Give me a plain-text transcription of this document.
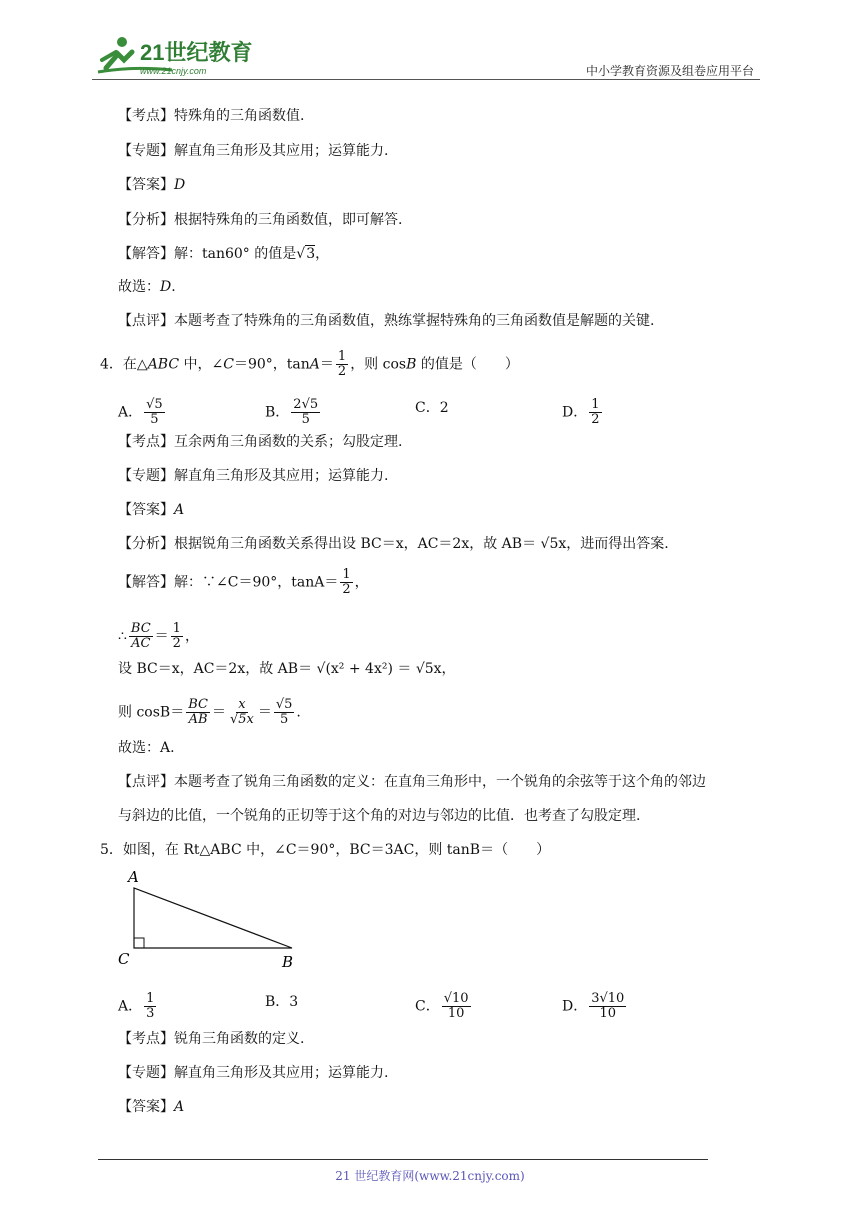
21世纪教育
www.21cnjy.com	中小学教育资源及组卷应用平台
【考点】特殊角的三角函数值.
【专题】解直角三角形及其应用；运算能力.
【答案】D
【分析】根据特殊角的三角函数值，即可解答.
【解答】解：tan60° 的值是√3，
故选：D.
【点评】本题考查了特殊角的三角函数值，熟练掌握特殊角的三角函数值是解题的关键.
4．在△ABC 中，∠C＝90°，$\tan A= \frac{1}{2}$ ，则 cosB 的值是（　　）
A． $\frac{√5}{5}$	B． $\frac{2√5}{5}$	C．2	D． $\frac{1}{2}$
【考点】互余两角三角函数的关系；勾股定理.
【专题】解直角三角形及其应用；运算能力.
【答案】A
【分析】根据锐角三角函数关系得出设 BC＝x，AC＝2x，故 AB＝ √5x，进而得出答案.
【解答】解：∵∠C＝90°，$\tan A= \frac{1}{2}$ ，
∴ $\frac{BC}{AC} = \frac{1}{2}$ ，
设 BC＝x，AC＝2x，故 AB＝ √(x² + 4x²) ＝ √5x，
则 $\cos B= \frac{BC}{AB} = \frac{x}{√5x} = \frac{√5}{5}$ .
故选：A.
【点评】本题考查了锐角三角函数的定义：在直角三角形中，一个锐角的余弦等于这个角的邻边
与斜边的比值，一个锐角的正切等于这个角的对边与邻边的比值．也考查了勾股定理.
5．如图，在 Rt△ABC 中，∠C＝90°，BC＝3AC，则 tanB＝（　　）
A
C	B
A． $\frac{1}{3}$	B．3	C． $\frac{√10}{10}$	D． $\frac{3√10}{10}$
【考点】锐角三角函数的定义.
【专题】解直角三角形及其应用；运算能力.
【答案】A
21 世纪教育网(www.21cnjy.com)
